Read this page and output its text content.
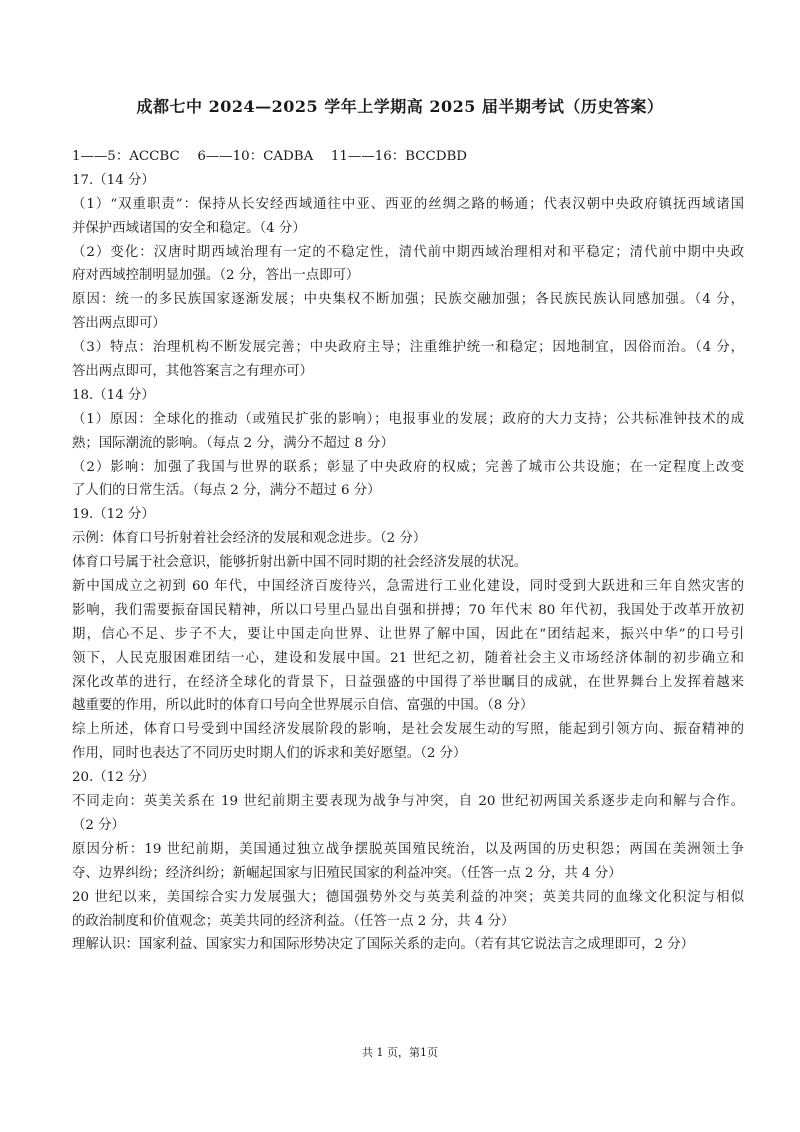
成都七中 2024—2025 学年上学期高 2025 届半期考试（历史答案）
1——5：ACCBC　 6——10：CADBA　 11——16：BCCDBD
17.（14 分）
（1）“双重职责”：保持从长安经西域通往中亚、西亚的丝绸之路的畅通；代表汉朝中央政府镇抚西域诸国
并保护西域诸国的安全和稳定。（4 分）
（2）变化：汉唐时期西域治理有一定的不稳定性，清代前中期西域治理相对和平稳定；清代前中期中央政
府对西域控制明显加强。（2 分，答出一点即可）
原因：统一的多民族国家逐渐发展；中央集权不断加强；民族交融加强；各民族民族认同感加强。（4 分，
答出两点即可）
（3）特点：治理机构不断发展完善；中央政府主导；注重维护统一和稳定；因地制宜，因俗而治。（4 分，
答出两点即可，其他答案言之有理亦可）
18.（14 分）
（1）原因：全球化的推动（或殖民扩张的影响）；电报事业的发展；政府的大力支持；公共标准钟技术的成
熟；国际潮流的影响。（每点 2 分，满分不超过 8 分）
（2）影响：加强了我国与世界的联系；彰显了中央政府的权威；完善了城市公共设施；在一定程度上改变
了人们的日常生活。（每点 2 分，满分不超过 6 分）
19.（12 分）
示例：体育口号折射着社会经济的发展和观念进步。（2 分）
体育口号属于社会意识，能够折射出新中国不同时期的社会经济发展的状况。
新中国成立之初到 60 年代，中国经济百废待兴，急需进行工业化建设，同时受到大跃进和三年自然灾害的
影响，我们需要振奋国民精神，所以口号里凸显出自强和拼搏；70 年代末 80 年代初，我国处于改革开放初
期，信心不足、步子不大，要让中国走向世界、让世界了解中国，因此在“团结起来，振兴中华”的口号引
领下，人民克服困难团结一心，建设和发展中国。21 世纪之初，随着社会主义市场经济体制的初步确立和
深化改革的进行，在经济全球化的背景下，日益强盛的中国得了举世瞩目的成就，在世界舞台上发挥着越来
越重要的作用，所以此时的体育口号向全世界展示自信、富强的中国。（8 分）
综上所述，体育口号受到中国经济发展阶段的影响，是社会发展生动的写照，能起到引领方向、振奋精神的
作用，同时也表达了不同历史时期人们的诉求和美好愿望。（2 分）
20.（12 分）
不同走向：英美关系在 19 世纪前期主要表现为战争与冲突，自 20 世纪初两国关系逐步走向和解与合作。
（2 分）
原因分析：19 世纪前期，美国通过独立战争摆脱英国殖民统治，以及两国的历史积怨；两国在美洲领土争
夺、边界纠纷；经济纠纷；新崛起国家与旧殖民国家的利益冲突。（任答一点 2 分，共 4 分）
20 世纪以来，美国综合实力发展强大；德国强势外交与英美利益的冲突；英美共同的血缘文化积淀与相似
的政治制度和价值观念；英美共同的经济利益。（任答一点 2 分，共 4 分）
理解认识：国家利益、国家实力和国际形势决定了国际关系的走向。（若有其它说法言之成理即可，2 分）
共 1 页，第1页
